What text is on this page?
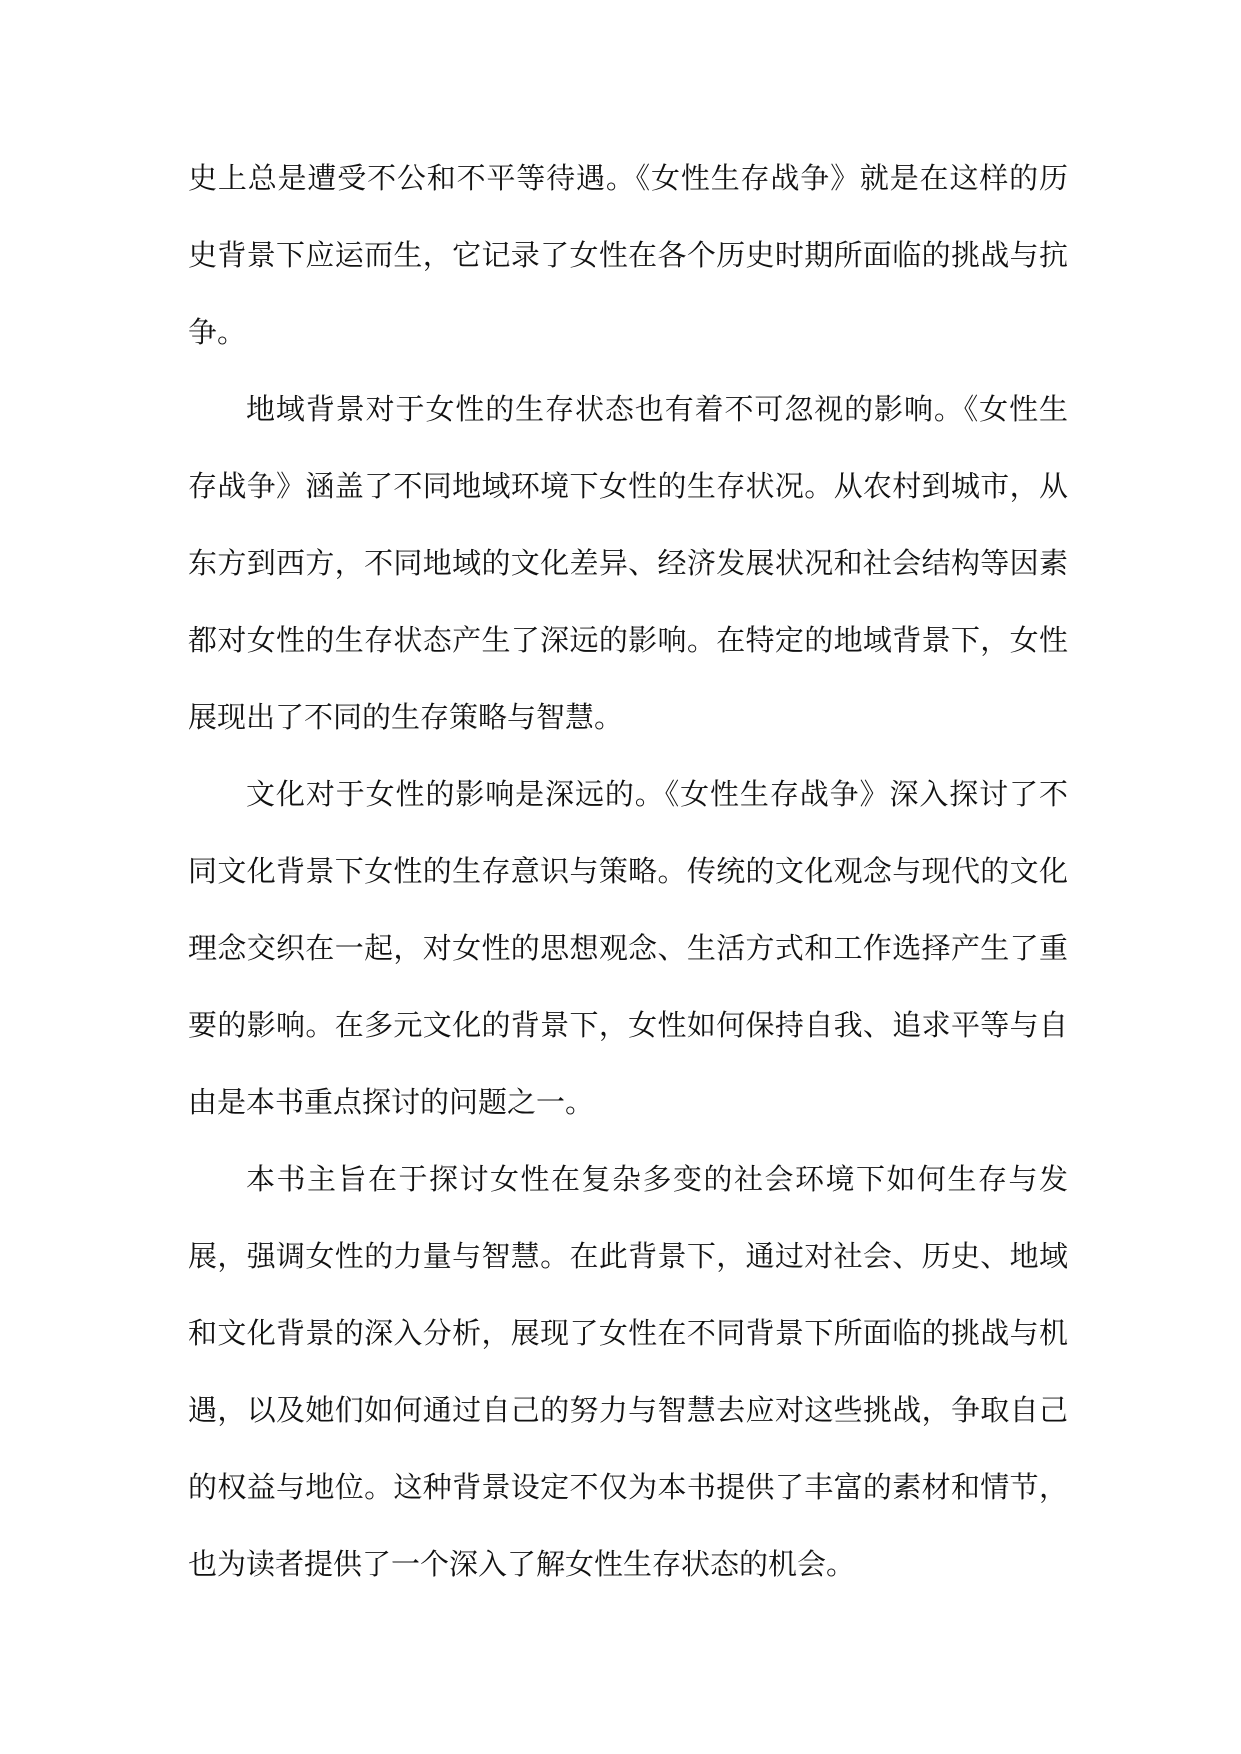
史上总是遭受不公和不平等待遇。《女性生存战争》就是在这样的历
史背景下应运而生，它记录了女性在各个历史时期所面临的挑战与抗
争。
地域背景对于女性的生存状态也有着不可忽视的影响。《女性生
存战争》涵盖了不同地域环境下女性的生存状况。从农村到城市，从
东方到西方，不同地域的文化差异、经济发展状况和社会结构等因素
都对女性的生存状态产生了深远的影响。在特定的地域背景下，女性
展现出了不同的生存策略与智慧。
文化对于女性的影响是深远的。《女性生存战争》深入探讨了不
同文化背景下女性的生存意识与策略。传统的文化观念与现代的文化
理念交织在一起，对女性的思想观念、生活方式和工作选择产生了重
要的影响。在多元文化的背景下，女性如何保持自我、追求平等与自
由是本书重点探讨的问题之一。
本书主旨在于探讨女性在复杂多变的社会环境下如何生存与发
展，强调女性的力量与智慧。在此背景下，通过对社会、历史、地域
和文化背景的深入分析，展现了女性在不同背景下所面临的挑战与机
遇，以及她们如何通过自己的努力与智慧去应对这些挑战，争取自己
的权益与地位。这种背景设定不仅为本书提供了丰富的素材和情节，
也为读者提供了一个深入了解女性生存状态的机会。
